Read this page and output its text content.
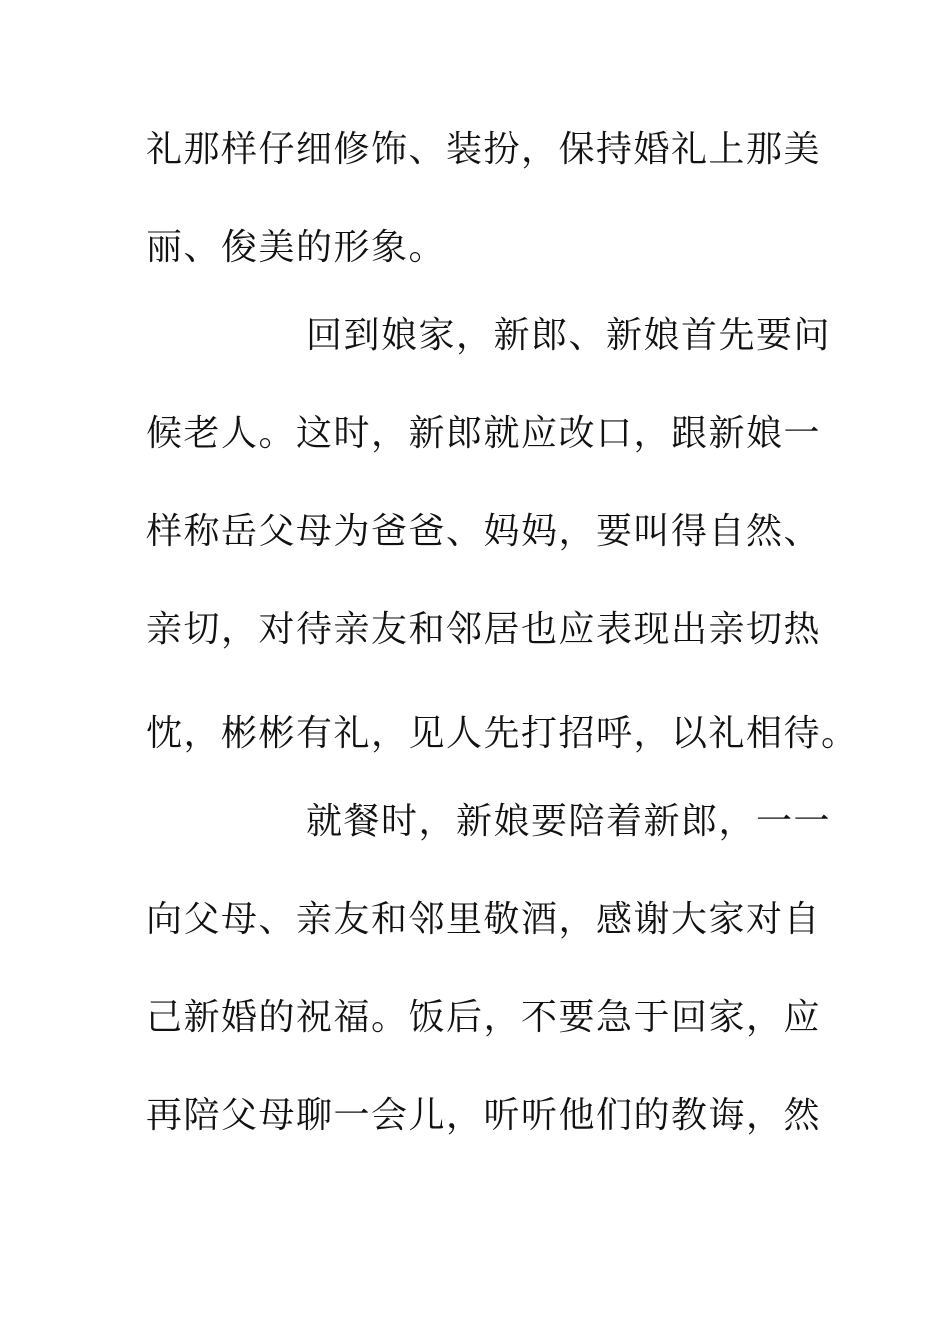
礼那样仔细修饰、装扮，保持婚礼上那美
丽、俊美的形象。
回到娘家，新郎、新娘首先要问
候老人。这时，新郎就应改口，跟新娘一
样称岳父母为爸爸、妈妈，要叫得自然、
亲切，对待亲友和邻居也应表现出亲切热
忱，彬彬有礼，见人先打招呼，以礼相待。
就餐时，新娘要陪着新郎，一一
向父母、亲友和邻里敬酒，感谢大家对自
己新婚的祝福。饭后，不要急于回家，应
再陪父母聊一会儿，听听他们的教诲，然
